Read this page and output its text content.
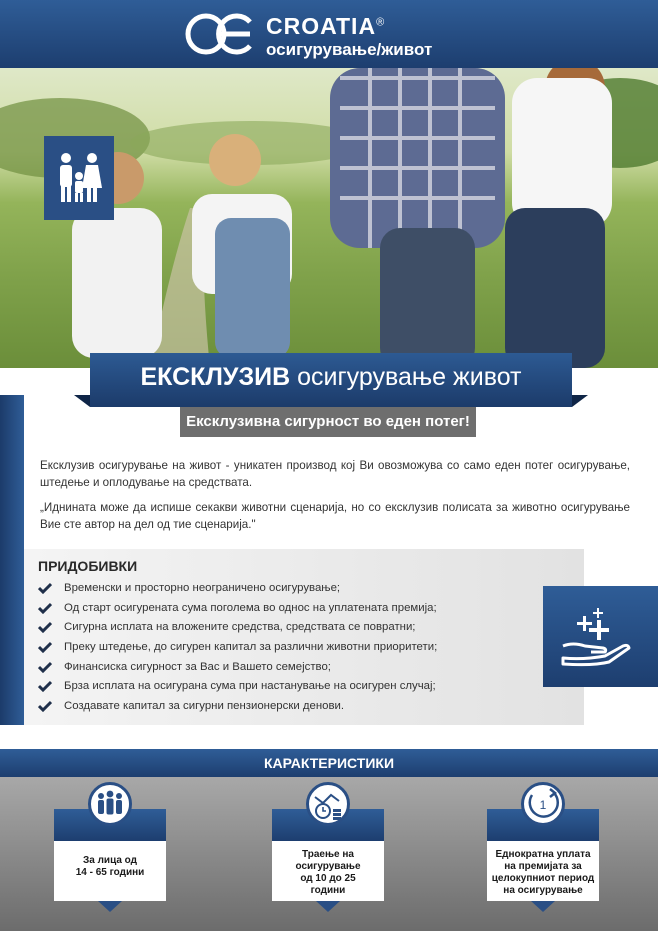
CROATIA®
осигурување/живот
ЕКСКЛУЗИВ осигурување живот
Ексклузивна сигурност во еден потег!

Ексклузив осигурување на живот - уникатен производ кој Ви овозможува со само еден потег осигурување, штедење и оплодување на средствата.

„Иднината може да испише секакви животни сценарија, но со ексклузив полисата за животно осигурување Вие сте автор на дел од тие сценарија."

ПРИДОБИВКИ
Временски и просторно неограничено осигурување;
Од старт осигурената сума поголема во однос на уплатената премија;
Сигурна исплата на вложените средства, средствата се повратни;
Преку штедење, до сигурен капитал за различни животни приоритети;
Финансиска сигурност за Вас и Вашето семејство;
Брза исплата на осигурана сума при настанување на осигурен случај;
Создавате капитал за сигурни пензионерски денови.
КАРАКТЕРИСТИКИ
За лица од
14 - 65 години
Траење на
осигурување
од 10 до 25
години
1
Еднократна уплата
на премијата за
целокупниот период
на осигурување
